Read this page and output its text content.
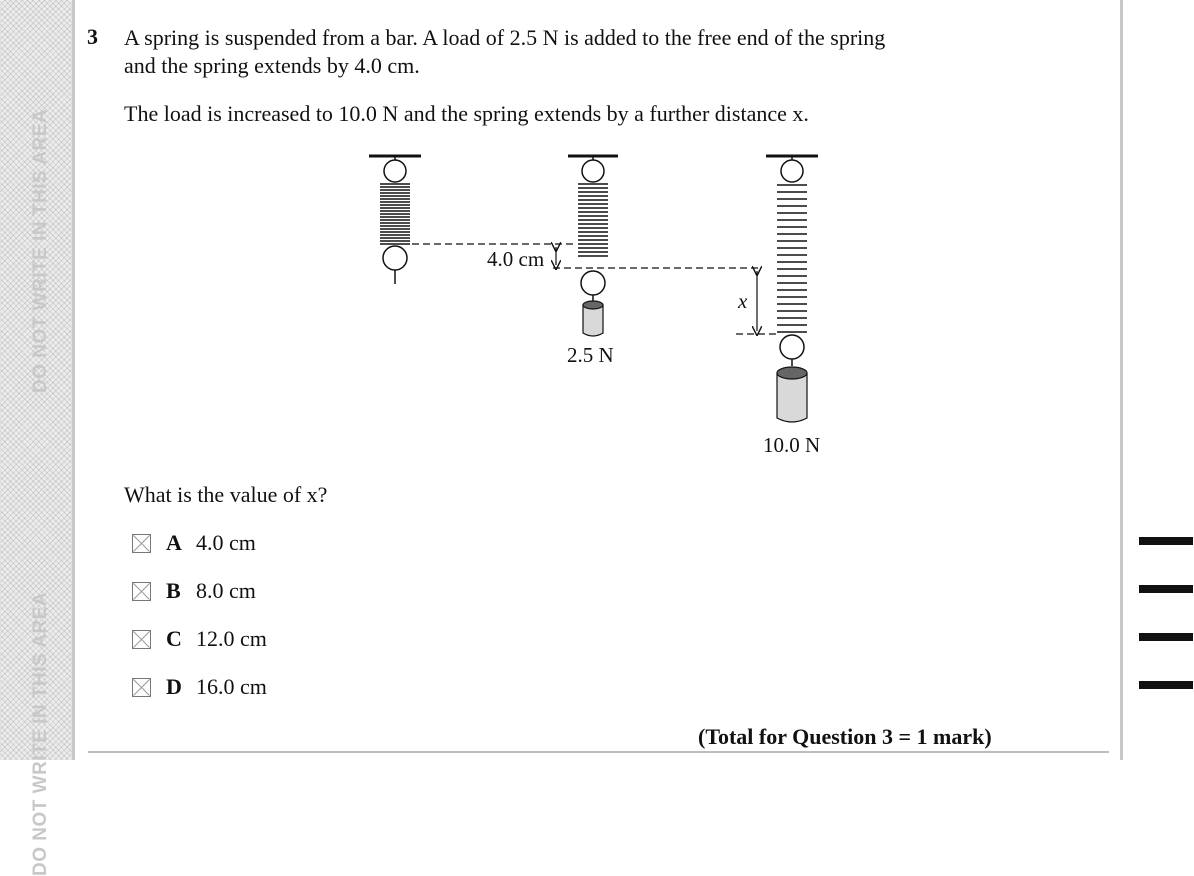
DO NOT WRITE IN THIS AREA
DO NOT WRITE IN THIS AREA
3 A spring is suspended from a bar. A load of 2.5 N is added to the free end of the spring
and the spring extends by 4.0 cm.
The load is increased to 10.0 N and the spring extends by a further distance x.
4.0 cm
2.5 N
x
10.0 N
What is the value of x?
A 4.0 cm
B 8.0 cm
C 12.0 cm
D 16.0 cm
(Total for Question 3 = 1 mark)
